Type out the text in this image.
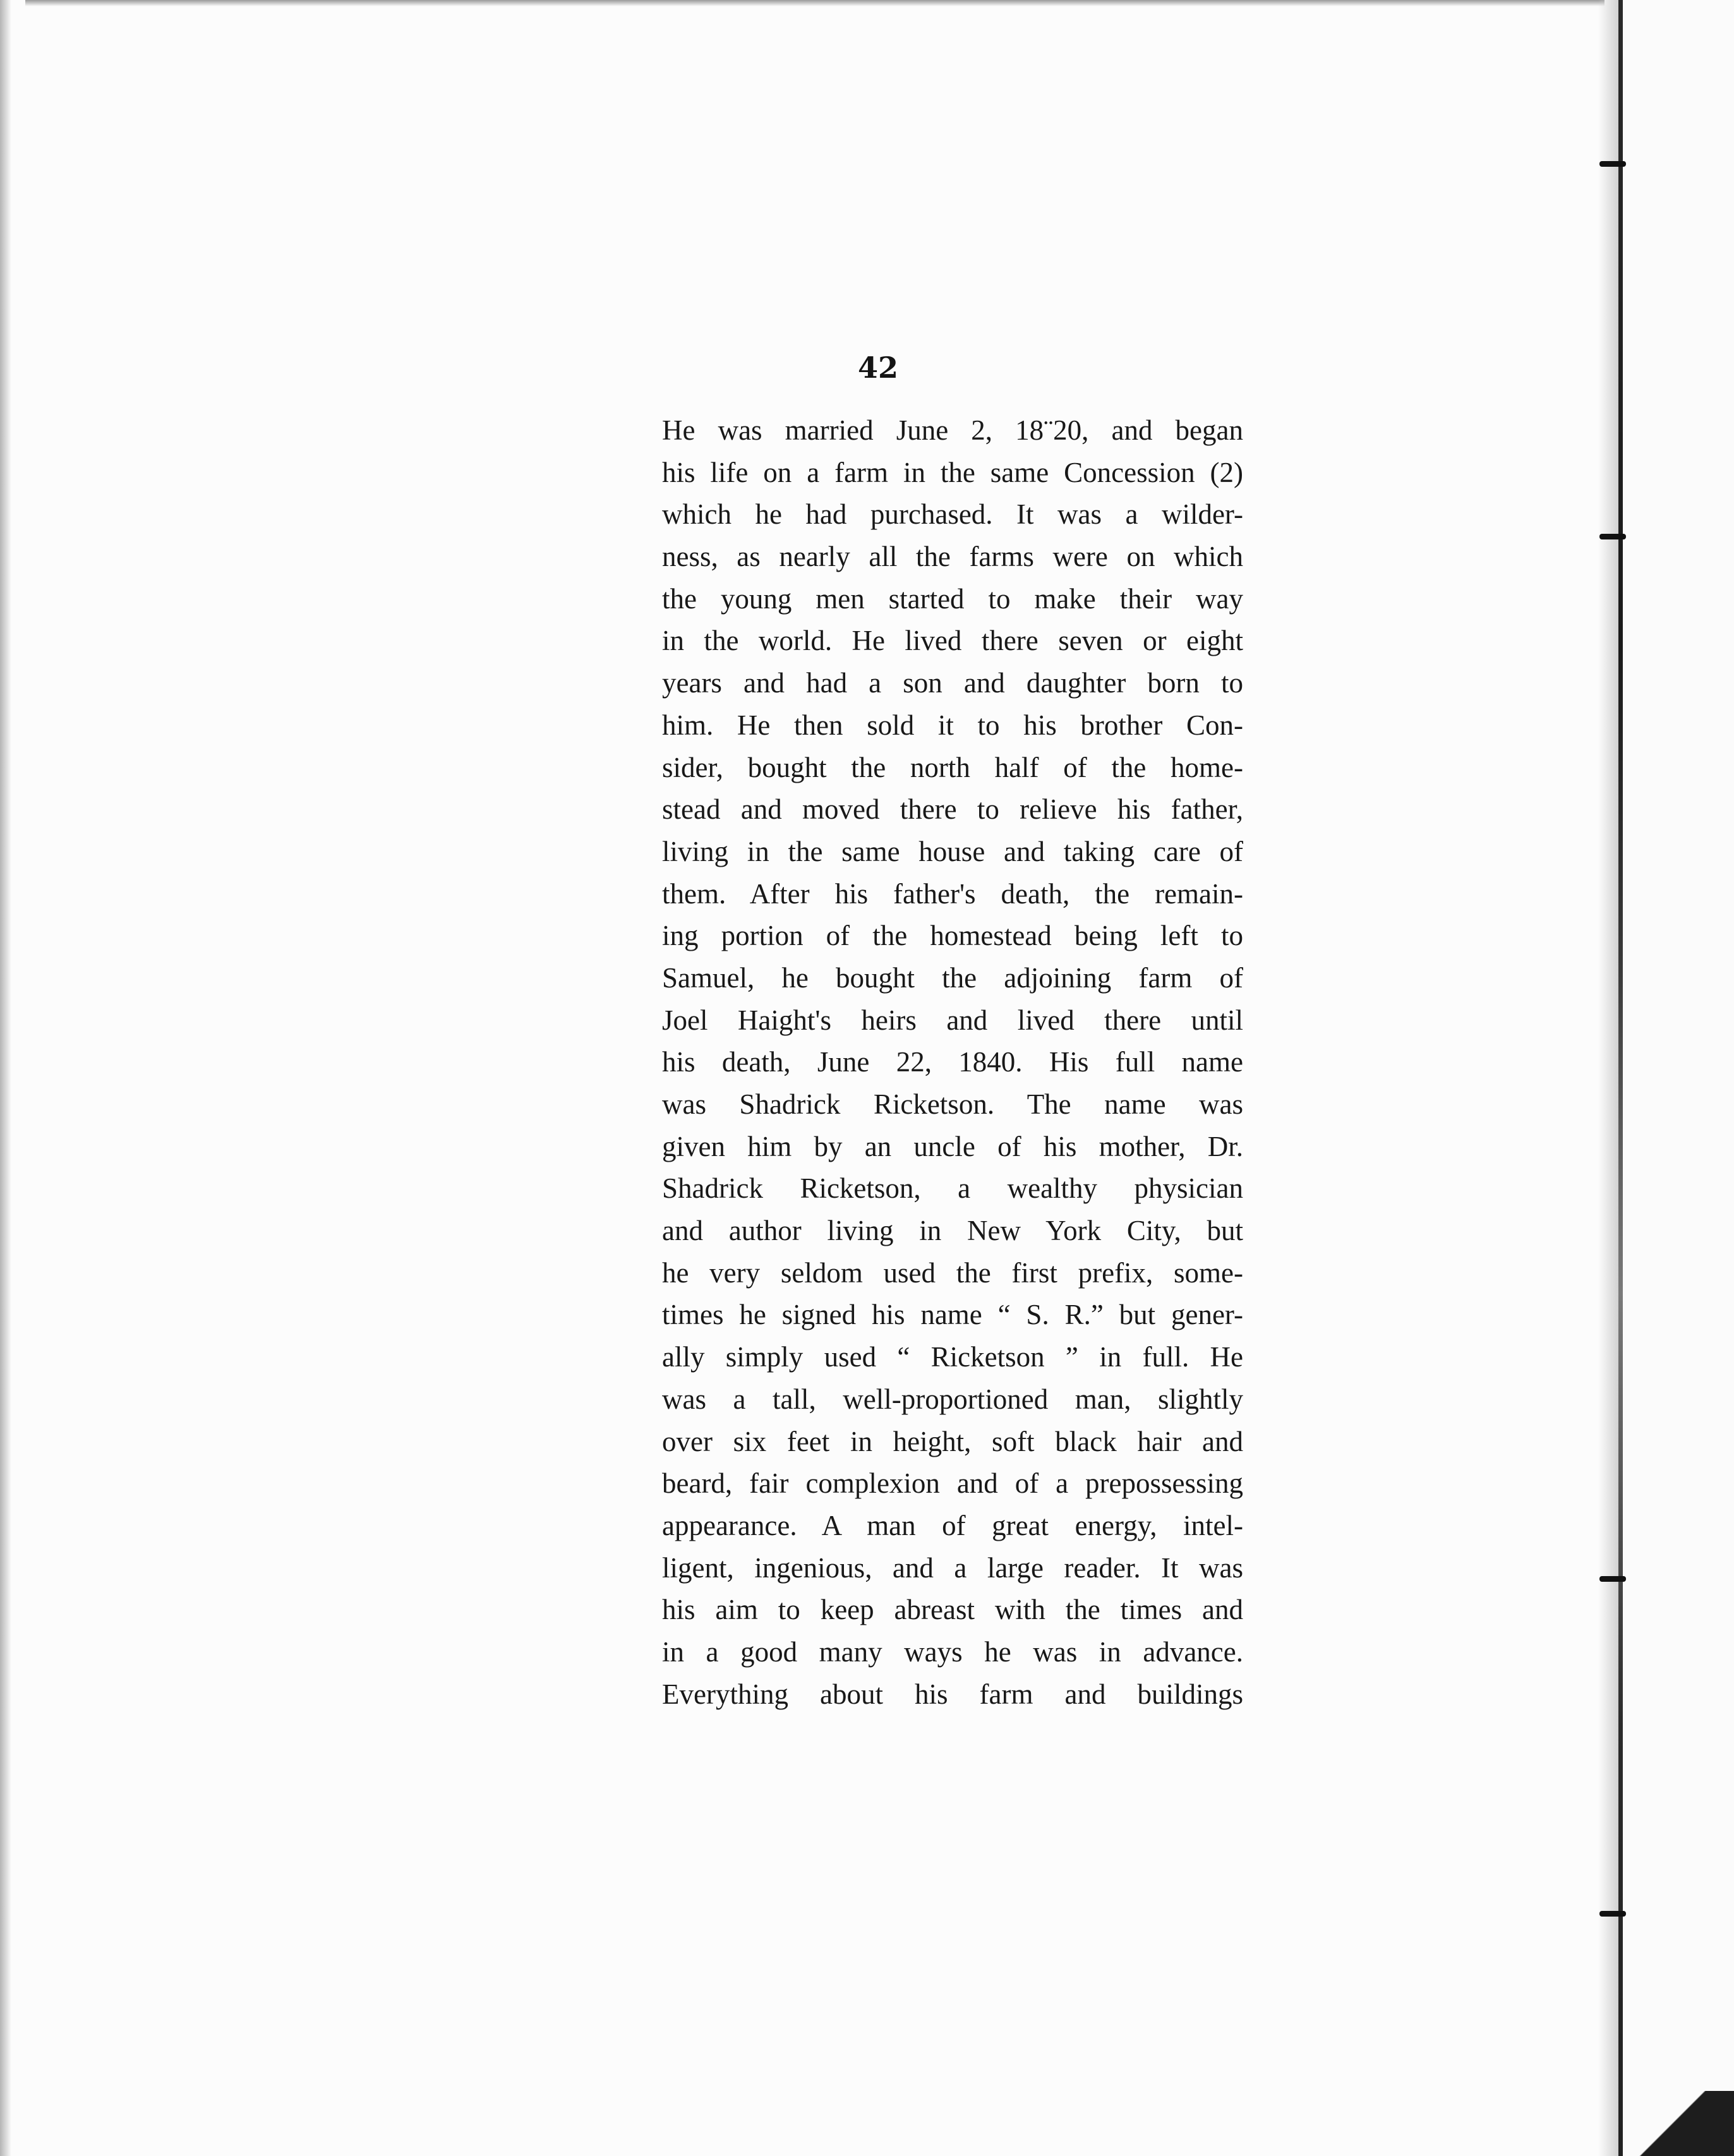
42
He was married June 2, 18¨20, and began
his life on a farm in the same Concession (2)
which he had purchased. It was a wilder-
ness, as nearly all the farms were on which
the young men started to make their way
in the world. He lived there seven or eight
years and had a son and daughter born to
him. He then sold it to his brother Con-
sider, bought the north half of the home-
stead and moved there to relieve his father,
living in the same house and taking care of
them. After his father's death, the remain-
ing portion of the homestead being left to
Samuel, he bought the adjoining farm of
Joel Haight's heirs and lived there until
his death, June 22, 1840. His full name
was Shadrick Ricketson. The name was
given him by an uncle of his mother, Dr.
Shadrick Ricketson, a wealthy physician
and author living in New York City, but
he very seldom used the first prefix, some-
times he signed his name “ S. R.” but gener-
ally simply used “ Ricketson ” in full. He
was a tall, well-proportioned man, slightly
over six feet in height, soft black hair and
beard, fair complexion and of a prepossessing
appearance. A man of great energy, intel-
ligent, ingenious, and a large reader. It was
his aim to keep abreast with the times and
in a good many ways he was in advance.
Everything about his farm and buildings
